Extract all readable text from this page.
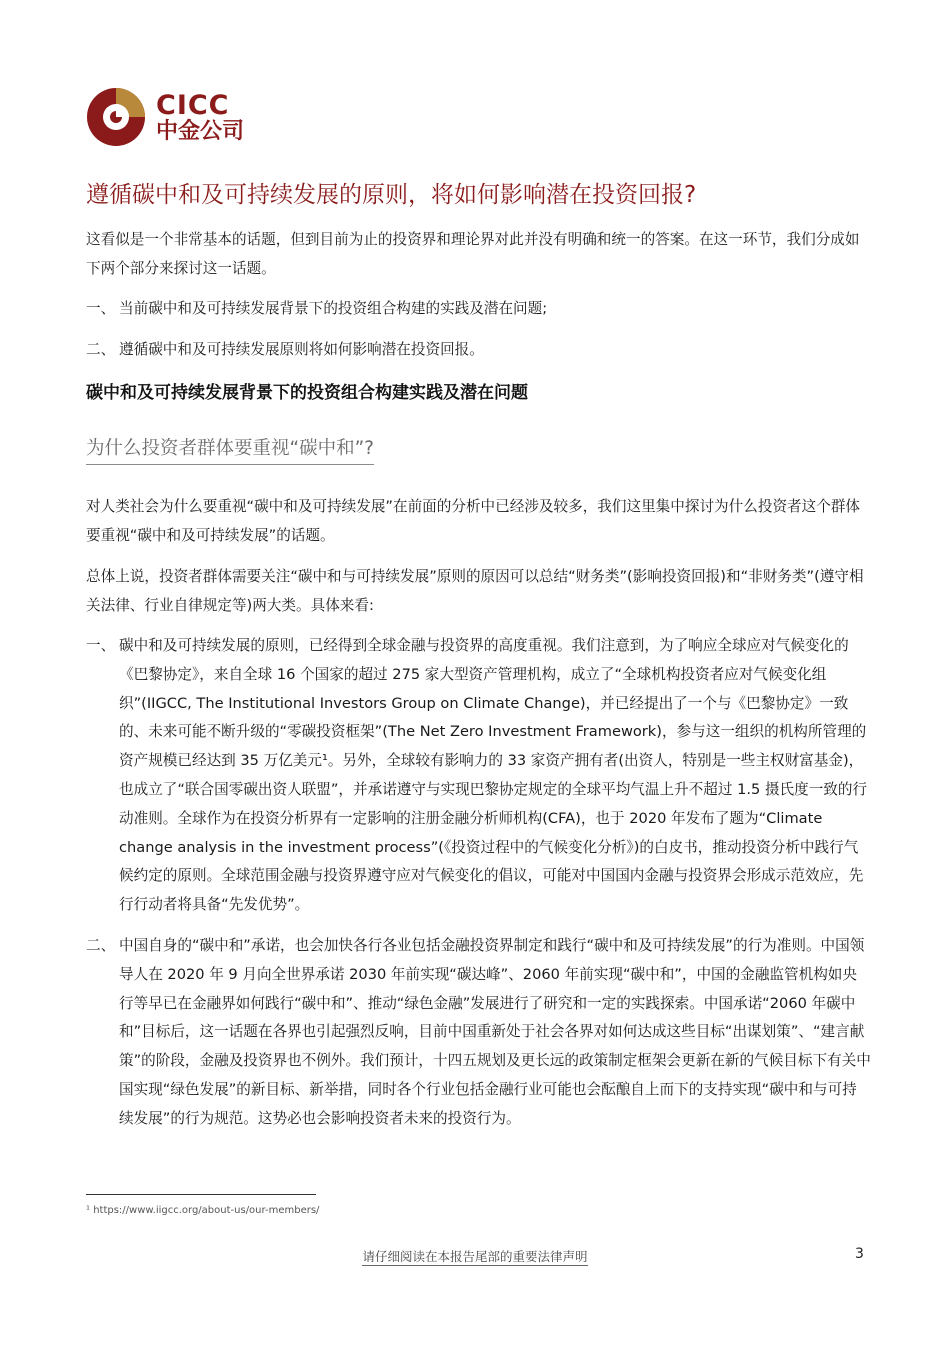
CICC
中金公司
遵循碳中和及可持续发展的原则，将如何影响潜在投资回报?
这看似是一个非常基本的话题，但到目前为止的投资界和理论界对此并没有明确和统一的答案。在这一环节，我们分成如下两个部分来探讨这一话题。
一、 当前碳中和及可持续发展背景下的投资组合构建的实践及潜在问题;
二、 遵循碳中和及可持续发展原则将如何影响潜在投资回报。
碳中和及可持续发展背景下的投资组合构建实践及潜在问题
为什么投资者群体要重视“碳中和”?
对人类社会为什么要重视“碳中和及可持续发展”在前面的分析中已经涉及较多，我们这里集中探讨为什么投资者这个群体要重视“碳中和及可持续发展”的话题。
总体上说，投资者群体需要关注“碳中和与可持续发展”原则的原因可以总结“财务类”(影响投资回报)和“非财务类”(遵守相关法律、行业自律规定等)两大类。具体来看:
一、 碳中和及可持续发展的原则，已经得到全球金融与投资界的高度重视。我们注意到，为了响应全球应对气候变化的《巴黎协定》，来自全球 16 个国家的超过 275 家大型资产管理机构，成立了“全球机构投资者应对气候变化组织”(IIGCC, The Institutional Investors Group on Climate Change)，并已经提出了一个与《巴黎协定》一致的、未来可能不断升级的“零碳投资框架”(The Net Zero Investment Framework)，参与这一组织的机构所管理的资产规模已经达到 35 万亿美元¹。另外，全球较有影响力的 33 家资产拥有者(出资人，特别是一些主权财富基金)，也成立了“联合国零碳出资人联盟”，并承诺遵守与实现巴黎协定规定的全球平均气温上升不超过 1.5 摄氏度一致的行动准则。全球作为在投资分析界有一定影响的注册金融分析师机构(CFA)，也于 2020 年发布了题为“Climate change analysis in the investment process”(《投资过程中的气候变化分析》)的白皮书，推动投资分析中践行气候约定的原则。全球范围金融与投资界遵守应对气候变化的倡议，可能对中国国内金融与投资界会形成示范效应，先行行动者将具备“先发优势”。
二、 中国自身的“碳中和”承诺，也会加快各行各业包括金融投资界制定和践行“碳中和及可持续发展”的行为准则。中国领导人在 2020 年 9 月向全世界承诺 2030 年前实现“碳达峰”、2060 年前实现“碳中和”，中国的金融监管机构如央行等早已在金融界如何践行“碳中和”、推动“绿色金融”发展进行了研究和一定的实践探索。中国承诺“2060 年碳中和”目标后，这一话题在各界也引起强烈反响，目前中国重新处于社会各界对如何达成这些目标“出谋划策”、“建言献策”的阶段，金融及投资界也不例外。我们预计，十四五规划及更长远的政策制定框架会更新在新的气候目标下有关中国实现“绿色发展”的新目标、新举措，同时各个行业包括金融行业可能也会酝酿自上而下的支持实现“碳中和与可持续发展”的行为规范。这势必也会影响投资者未来的投资行为。
¹ https://www.iigcc.org/about-us/our-members/
请仔细阅读在本报告尾部的重要法律声明	3
